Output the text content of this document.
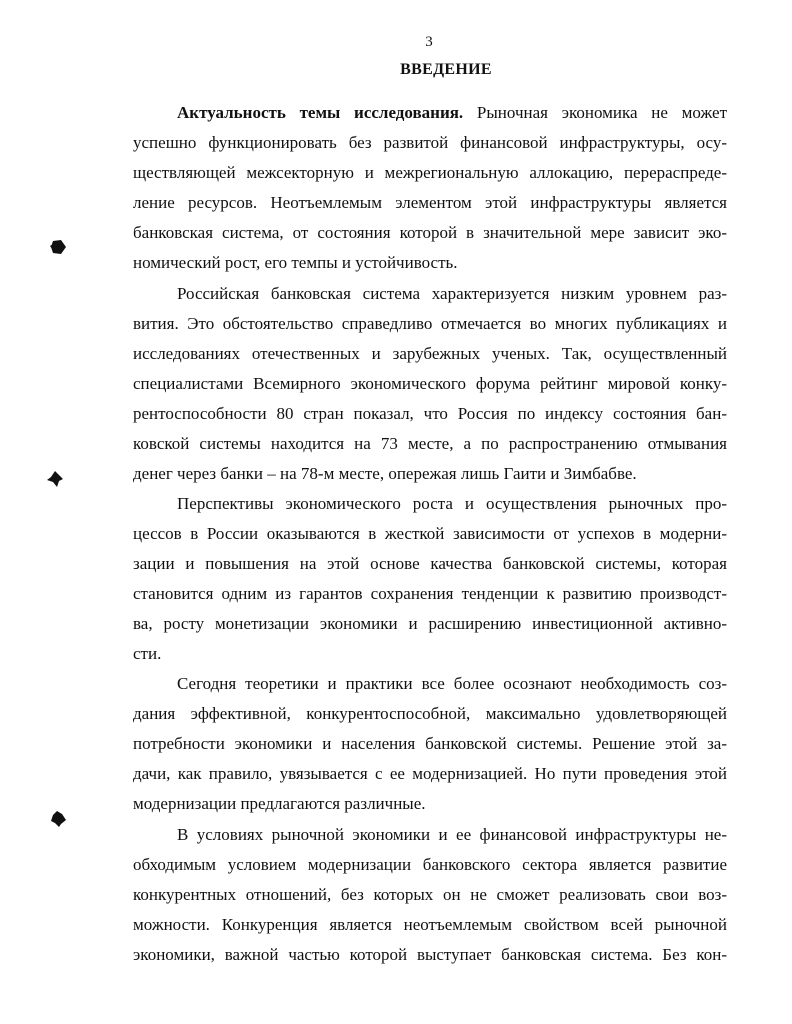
3
ВВЕДЕНИЕ
Актуальность темы исследования. Рыночная экономика не может
успешно функционировать без развитой финансовой инфраструктуры, осу-
ществляющей межсекторную и межрегиональную аллокацию, перераспреде-
ление ресурсов. Неотъемлемым элементом этой инфраструктуры является
банковская система, от состояния которой в значительной мере зависит эко-
номический рост, его темпы и устойчивость.
Российская банковская система характеризуется низким уровнем раз-
вития. Это обстоятельство справедливо отмечается во многих публикациях и
исследованиях отечественных и зарубежных ученых. Так, осуществленный
специалистами Всемирного экономического форума рейтинг мировой конку-
рентоспособности 80 стран показал, что Россия по индексу состояния бан-
ковской системы находится на 73 месте, а по распространению отмывания
денег через банки – на 78-м месте, опережая лишь Гаити и Зимбабве.
Перспективы экономического роста и осуществления рыночных про-
цессов в России оказываются в жесткой зависимости от успехов в модерни-
зации и повышения на этой основе качества банковской системы, которая
становится одним из гарантов сохранения тенденции к развитию производст-
ва, росту монетизации экономики и расширению инвестиционной активно-
сти.
Сегодня теоретики и практики все более осознают необходимость соз-
дания эффективной, конкурентоспособной, максимально удовлетворяющей
потребности экономики и населения банковской системы. Решение этой за-
дачи, как правило, увязывается с ее модернизацией. Но пути проведения этой
модернизации предлагаются различные.
В условиях рыночной экономики и ее финансовой инфраструктуры не-
обходимым условием модернизации банковского сектора является развитие
конкурентных отношений, без которых он не сможет реализовать свои воз-
можности. Конкуренция является неотъемлемым свойством всей рыночной
экономики, важной частью которой выступает банковская система. Без кон-
